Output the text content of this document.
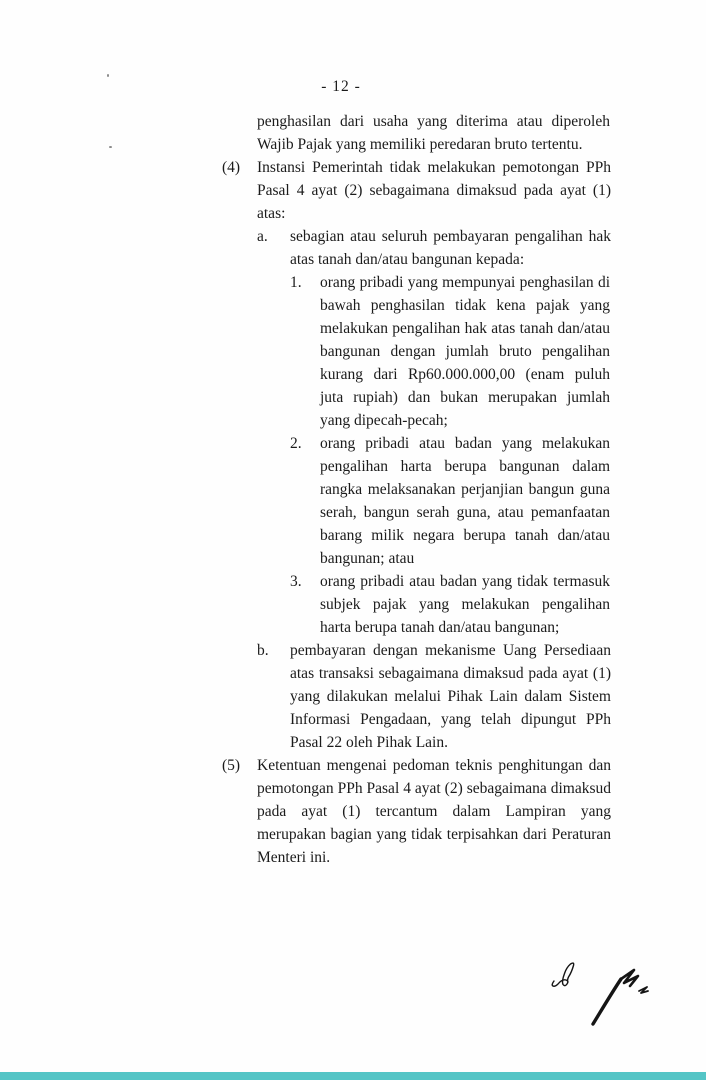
- 12 -
penghasilan dari usaha yang diterima atau diperoleh Wajib Pajak yang memiliki peredaran bruto tertentu.
(4)	Instansi Pemerintah tidak melakukan pemotongan PPh Pasal 4 ayat (2) sebagaimana dimaksud pada ayat (1) atas:
a.	sebagian atau seluruh pembayaran pengalihan hak atas tanah dan/atau bangunan kepada:
1.	orang pribadi yang mempunyai penghasilan di bawah penghasilan tidak kena pajak yang melakukan pengalihan hak atas tanah dan/atau bangunan dengan jumlah bruto pengalihan kurang dari Rp60.000.000,00 (enam puluh juta rupiah) dan bukan merupakan jumlah yang dipecah-pecah;
2.	orang pribadi atau badan yang melakukan pengalihan harta berupa bangunan dalam rangka melaksanakan perjanjian bangun guna serah, bangun serah guna, atau pemanfaatan barang milik negara berupa tanah dan/atau bangunan; atau
3.	orang pribadi atau badan yang tidak termasuk subjek pajak yang melakukan pengalihan harta berupa tanah dan/atau bangunan;
b.	pembayaran dengan mekanisme Uang Persediaan atas transaksi sebagaimana dimaksud pada ayat (1) yang dilakukan melalui Pihak Lain dalam Sistem Informasi Pengadaan, yang telah dipungut PPh Pasal 22 oleh Pihak Lain.
(5)	Ketentuan mengenai pedoman teknis penghitungan dan pemotongan PPh Pasal 4 ayat (2) sebagaimana dimaksud pada ayat (1) tercantum dalam Lampiran yang merupakan bagian yang tidak terpisahkan dari Peraturan Menteri ini.
